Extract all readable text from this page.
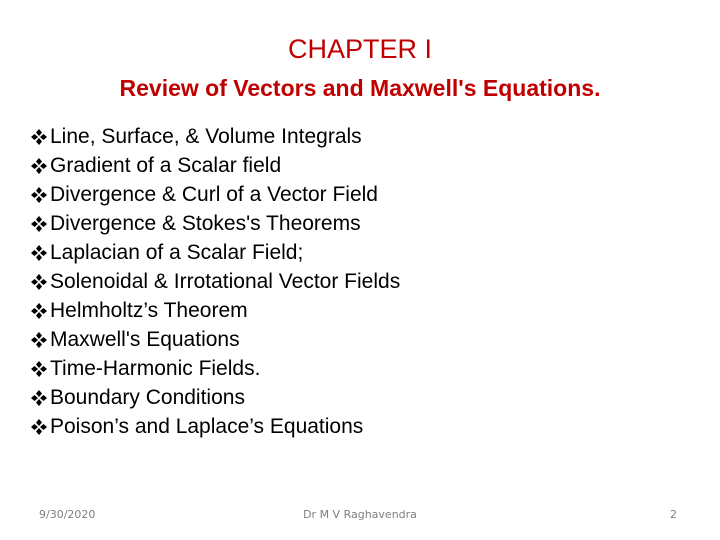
CHAPTER I
Review of Vectors and Maxwell's Equations.
Line, Surface, & Volume Integrals
Gradient of a Scalar field
Divergence & Curl of a Vector Field
Divergence & Stokes's Theorems
Laplacian of a Scalar Field;
Solenoidal & Irrotational Vector Fields
Helmholtz’s Theorem
Maxwell's Equations
Time-Harmonic Fields.
Boundary Conditions
Poison’s and Laplace’s Equations
9/30/2020	Dr M V Raghavendra	2
